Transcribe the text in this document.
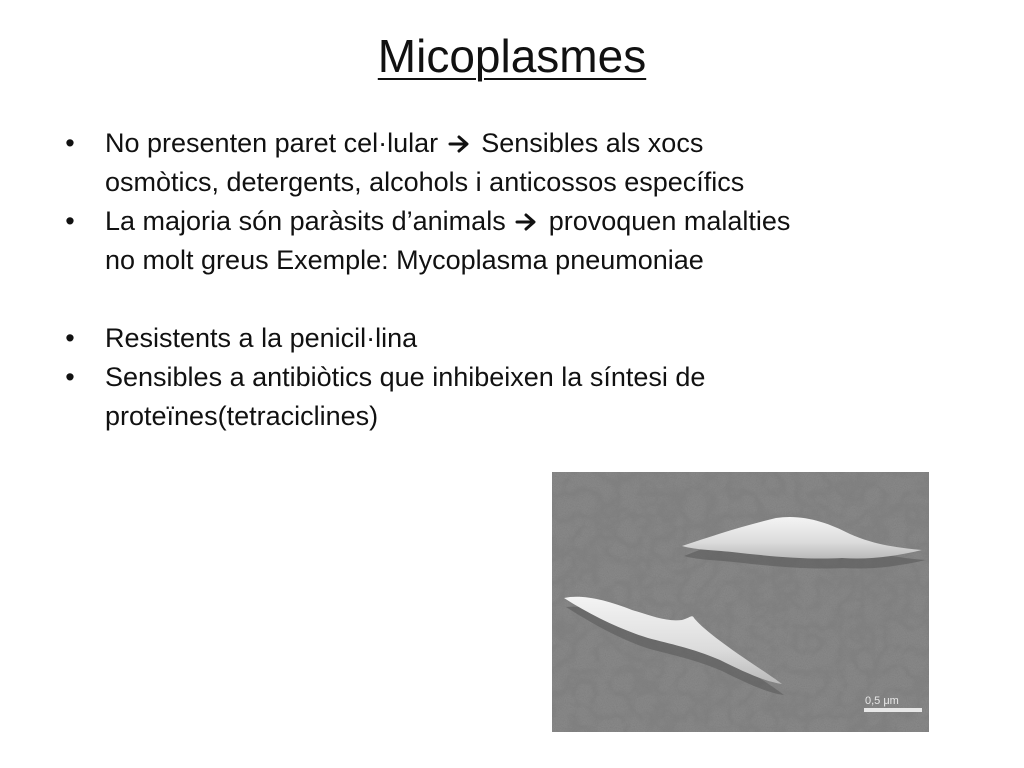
Micoplasmes
• No presenten paret cel·lular Sensibles als xocs
osmòtics, detergents, alcohols i anticossos específics
• La majoria són paràsits d’animals provoquen malalties
no molt greus Exemple: Mycoplasma pneumoniae
• Resistents a la penicil·lina
• Sensibles a antibiòtics que inhibeixen la síntesi de
proteïnes(tetraciclines)
0,5 μm
